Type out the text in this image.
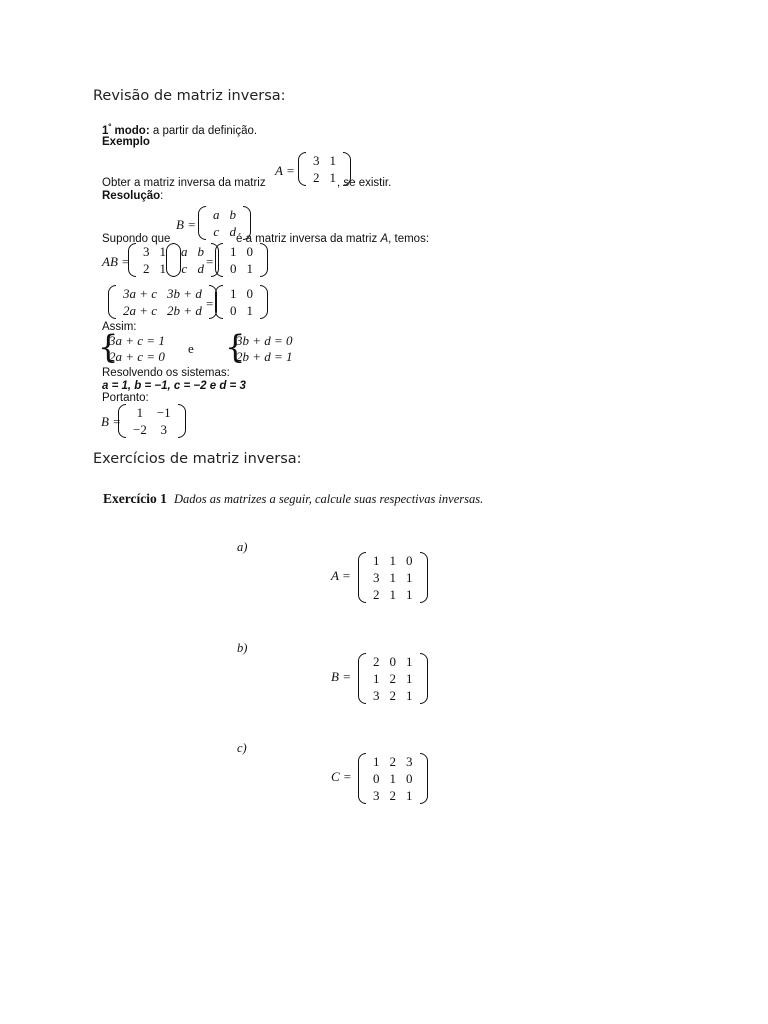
Revisão de matriz inversa:
$1^º$ modo: a partir da definição.
Exemplo
A =
3	1
2	1
Obter a matriz inversa da matriz	, se existir.
Resolução:
B =
a	b
c	d
Supondo que	é a matriz inversa da matriz A, temos:
AB =
3	1
2	1
a	b
c	d =
1	0
0	1
3a + c	3b + d
2a + c	2b + d =
1	0
0	1
Assim:
{
3a + c = 1
2a + c = 0
e {
3b + d = 0
2b + d = 1
Resolvendo os sistemas:
a = 1, b = −1, c = −2 e d = 3
Portanto:
B =
1	−1
−2	3
Exercícios de matriz inversa:
Exercício 1 Dados as matrizes a seguir, calcule suas respectivas inversas.
a)
A =
1	1	0
3	1	1
2	1	1
b)
B =
2	0	1
1	2	1
3	2	1
c)
C =
1	2	3
0	1	0
3	2	1
